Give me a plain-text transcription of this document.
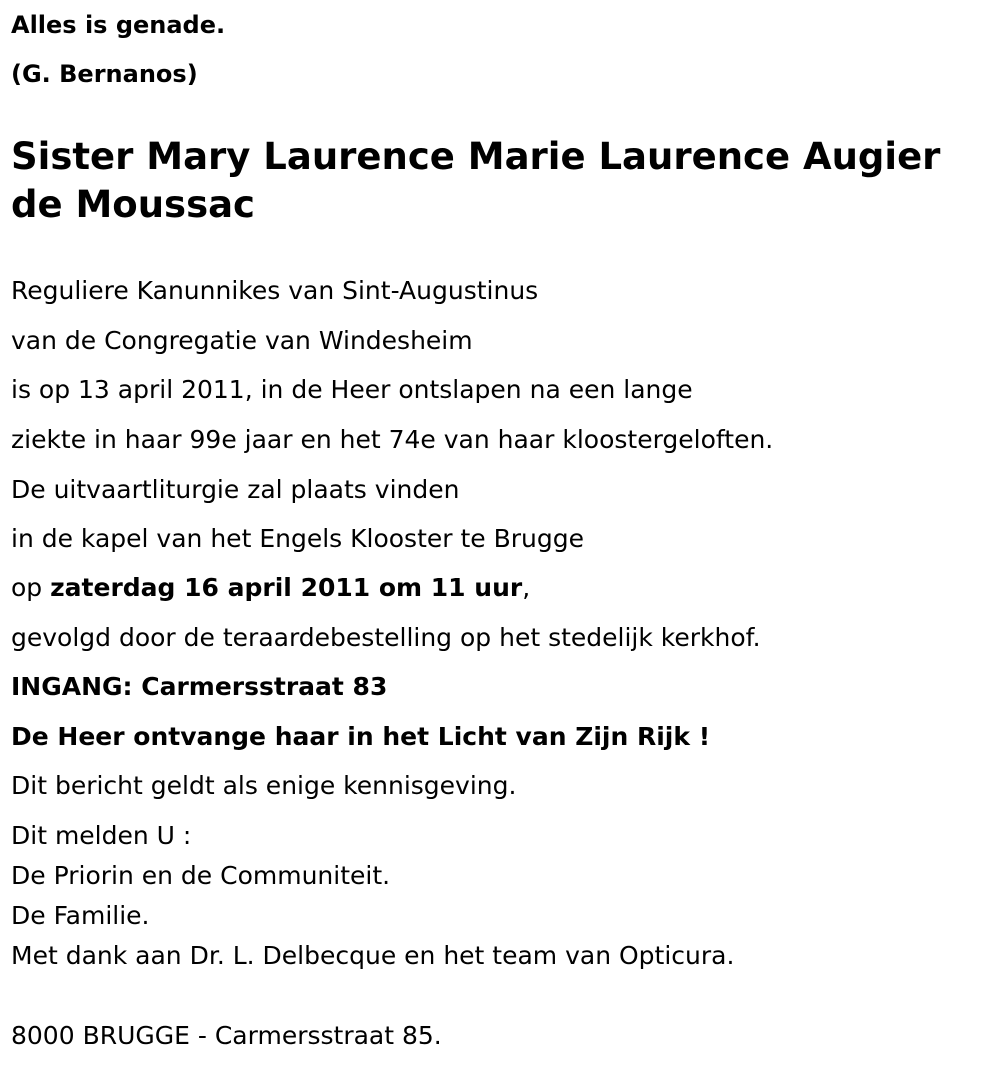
Alles is genade.
(G. Bernanos)
Sister Mary Laurence Marie Laurence Augier de Moussac
Reguliere Kanunnikes van Sint-Augustinus
van de Congregatie van Windesheim
is op 13 april 2011, in de Heer ontslapen na een lange
ziekte in haar 99e jaar en het 74e van haar kloostergeloften.
De uitvaartliturgie zal plaats vinden
in de kapel van het Engels Klooster te Brugge
op zaterdag 16 april 2011 om 11 uur,
gevolgd door de teraardebestelling op het stedelijk kerkhof.
INGANG: Carmersstraat 83
De Heer ontvange haar in het Licht van Zijn Rijk !
Dit bericht geldt als enige kennisgeving.
Dit melden U :
De Priorin en de Communiteit.
De Familie.
Met dank aan Dr. L. Delbecque en het team van Opticura.
8000 BRUGGE - Carmersstraat 85.
